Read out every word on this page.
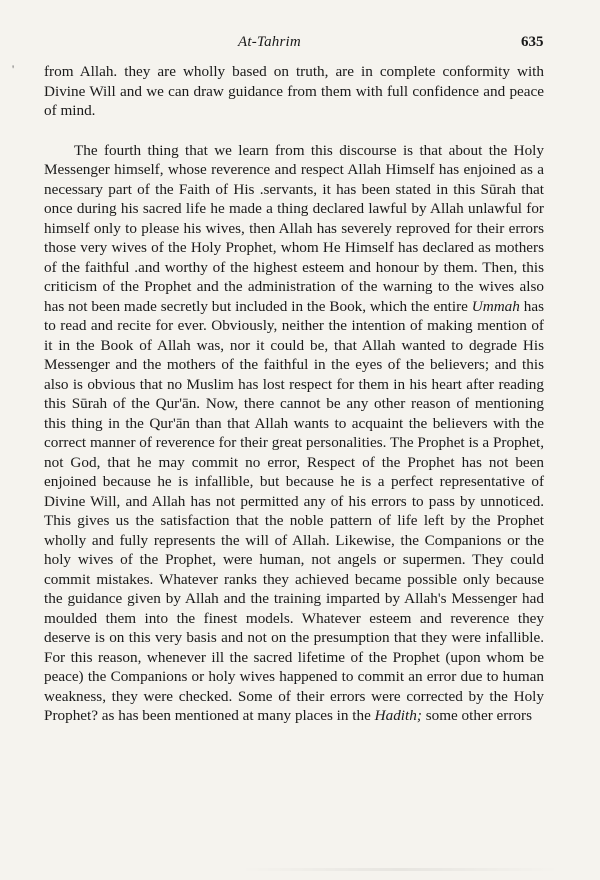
At-Tahrim	635
' from Allah. they are wholly based on truth, are in complete conformity with Divine Will and we can draw guidance from them with full confidence and peace of mind.

The fourth thing that we learn from this discourse is that about the Holy Messenger himself, whose reverence and respect Allah Himself has enjoined as a necessary part of the Faith of His .servants, it has been stated in this Sūrah that once during his sacred life he made a thing declared lawful by Allah unlawful for himself only to please his wives, then Allah has severely reproved for their errors those very wives of the Holy Prophet, whom He Himself has declared as mothers of the faithful .and worthy of the highest esteem and honour by them. Then, this criticism of the Prophet and the administration of the warning to the wives also has not been made secretly but included in the Book, which the entire Ummah has to read and recite for ever. Obviously, neither the intention of making mention of it in the Book of Allah was, nor it could be, that Allah wanted to degrade His Messenger and the mothers of the faithful in the eyes of the believers; and this also is obvious that no Muslim has lost respect for them in his heart after reading this Sūrah of the Qur'ān. Now, there cannot be any other reason of mentioning this thing in the Qur'ān than that Allah wants to acquaint the believers with the correct manner of reverence for their great personalities. The Prophet is a Prophet, not God, that he may commit no error, Respect of the Prophet has not been enjoined because he is infallible, but because he is a perfect representative of Divine Will, and Allah has not permitted any of his errors to pass by unnoticed. This gives us the satisfaction that the noble pattern of life left by the Prophet wholly and fully represents the will of Allah. Likewise, the Companions or the holy wives of the Prophet, were human, not angels or supermen. They could commit mistakes. Whatever ranks they achieved became possible only because the guidance given by Allah and the training imparted by Allah's Messenger had moulded them into the finest models. Whatever esteem and reverence they deserve is on this very basis and not on the presumption that they were infallible. For this reason, whenever ill the sacred lifetime of the Prophet (upon whom be peace) the Companions or holy wives happened to commit an error due to human weakness, they were checked. Some of their errors were corrected by the Holy Prophet? as has been mentioned at many places in the Hadith; some other errors
